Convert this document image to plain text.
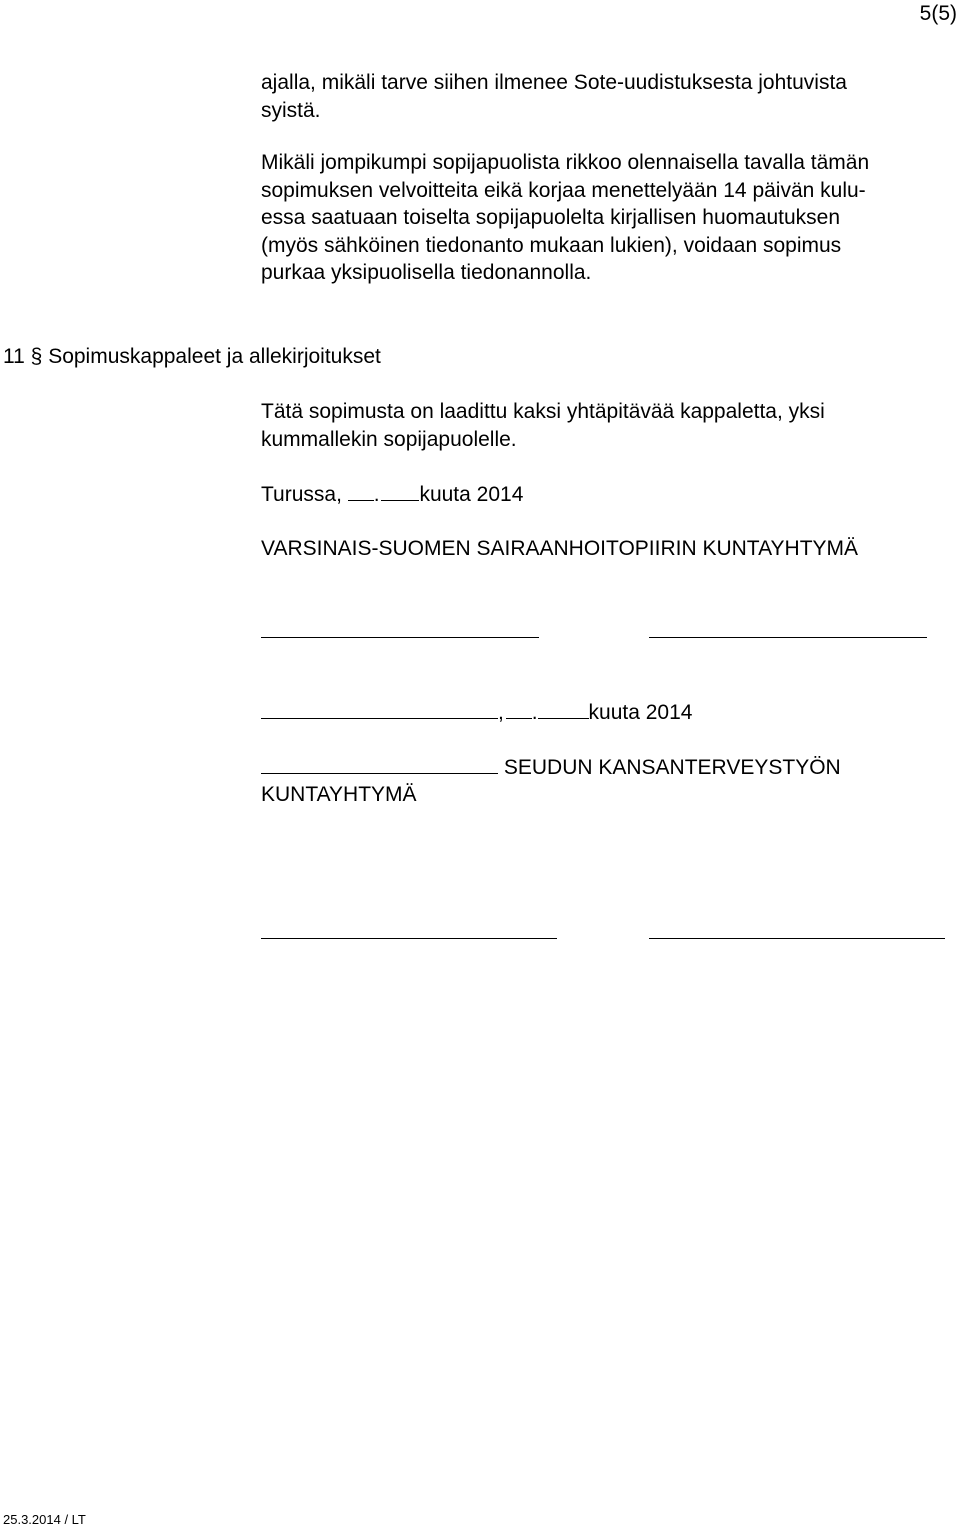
5(5)
ajalla, mikäli tarve siihen ilmenee Sote-uudistuksesta johtuvista
syistä.
Mikäli jompikumpi sopijapuolista rikkoo olennaisella tavalla tämän
sopimuksen velvoitteita eikä korjaa menettelyään 14 päivän kulu-
essa saatuaan toiselta sopijapuolelta kirjallisen huomautuksen
(myös sähköinen tiedonanto mukaan lukien), voidaan sopimus
purkaa yksipuolisella tiedonannolla.
11 § Sopimuskappaleet ja allekirjoitukset
Tätä sopimusta on laadittu kaksi yhtäpitävää kappaletta, yksi
kummallekin sopijapuolelle.
Turussa, . kuuta 2014
VARSINAIS-SUOMEN SAIRAANHOITOPIIRIN KUNTAYHTYMÄ
, . kuuta 2014
SEUDUN KANSANTERVEYSTYÖN
KUNTAYHTYMÄ
25.3.2014 / LT
